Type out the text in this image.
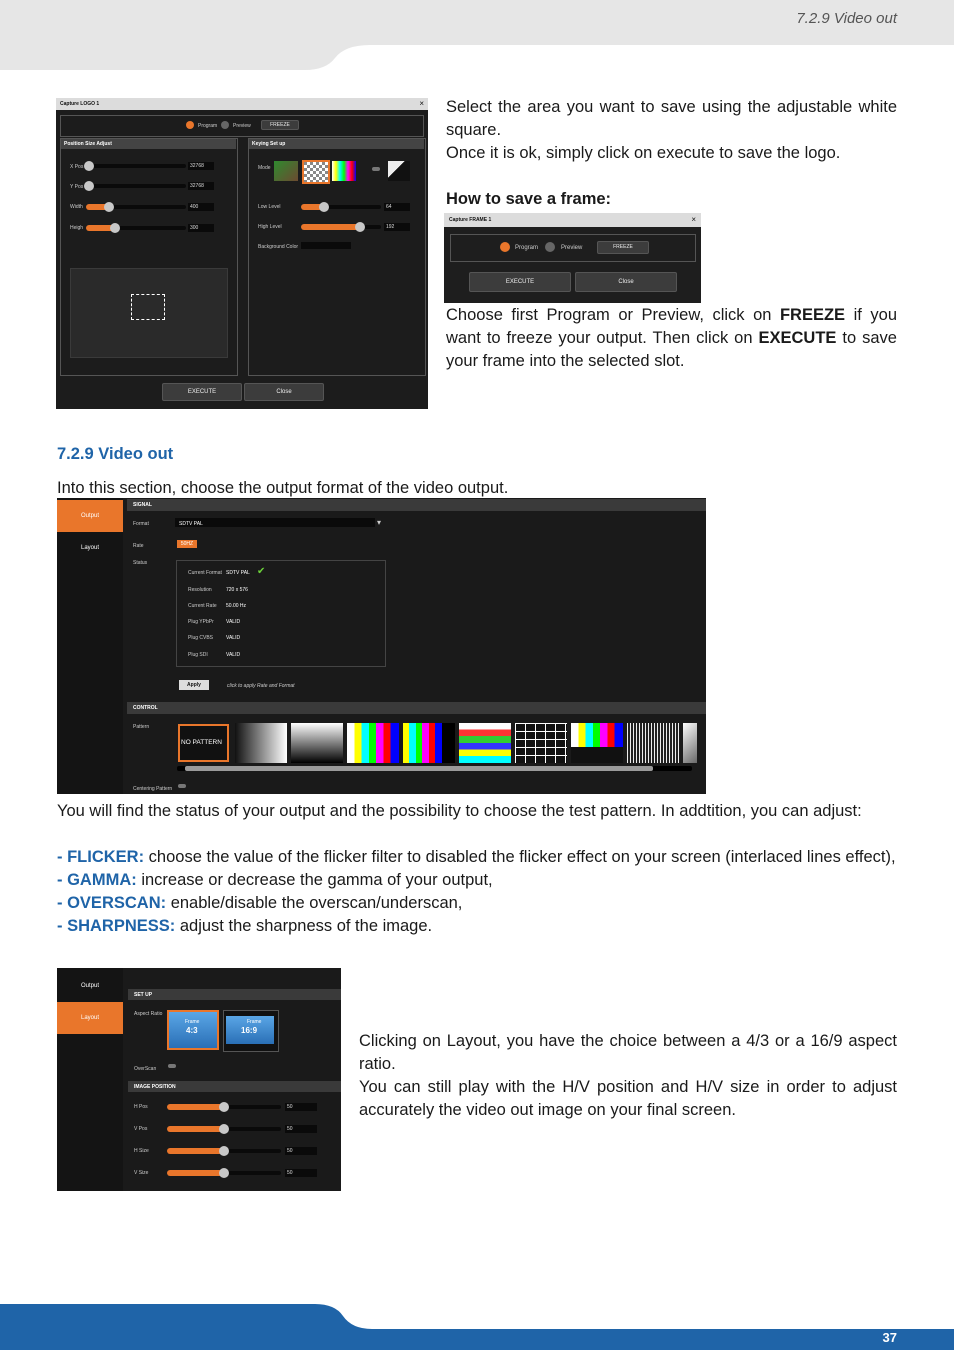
7.2.9 Video out
Capture LOGO 1	×
Program	Preview	FREEZE
Position Size Adjust
X Pos	32768
Y Pos	32768
Width	400
Heigh	300
Keying Set up
Mode
Low Level	64
High Level	192
Background Color
EXECUTE	Close
Select the area you want to save using the adjustable white square.
Once it is ok, simply click on execute to save the logo.
How to save a frame:
Capture FRAME 1	×
Program	Preview	FREEZE
EXECUTE	Close
Choose first Program or Preview, click on FREEZE if you want to freeze your output. Then click on EXECUTE to save your frame into the selected slot.
7.2.9 Video out
Into this section, choose the output format of the video output.
Output
Layout
SIGNAL
Format	SDTV PAL	▾
Rate	50HZ
Status
Current Format SDTV PAL ✔
Resolution	720 x 576
Current Rate 50.00 Hz
Plug YPbPr VALID
Plug CVBS	VALID
Plug SDI	VALID
Apply	click to apply Rate and Format
CONTROL
Pattern
NO PATTERN
Centering Pattern
You will find the status of your output and the possibility to choose the test pattern. In addtition, you can adjust:
- FLICKER: choose the value of the flicker filter to disabled the flicker effect on your screen (interlaced lines effect),
- GAMMA: increase or decrease the gamma of your output,
- OVERSCAN: enable/disable the overscan/underscan,
- SHARPNESS: adjust the sharpness of the image.
Output
Layout
SET UP
Aspect Ratio
Frame
4:3
Frame
16:9
OverScan
IMAGE POSITION
H Pos	50
V Pos	50
H Size	50
V Size	50
Clicking on Layout, you have the choice between a 4/3 or a 16/9 aspect ratio.
You can still play with the H/V position and H/V size in order to adjust accurately the video out image on your final screen.
37
